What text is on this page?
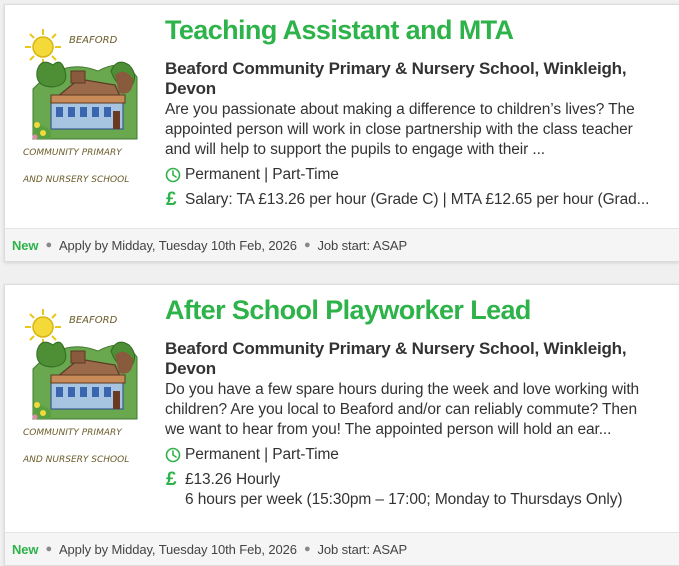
BEAFORD
COMMUNITY PRIMARY
AND NURSERY SCHOOL
Teaching Assistant and MTA
Beaford Community Primary & Nursery School, Winkleigh,
Devon
Are you passionate about making a difference to children’s lives? The
appointed person will work in close partnership with the class teacher
and will help to support the pupils to engage with their ...
Permanent | Part-Time
£ Salary: TA £13.26 per hour (Grade C) | MTA £12.65 per hour (Grad...
New ● Apply by Midday, Tuesday 10th Feb, 2026 ● Job start: ASAP
BEAFORD
COMMUNITY PRIMARY
AND NURSERY SCHOOL
After School Playworker Lead
Beaford Community Primary & Nursery School, Winkleigh,
Devon
Do you have a few spare hours during the week and love working with
children? Are you local to Beaford and/or can reliably commute? Then
we want to hear from you! The appointed person will hold an ear...
Permanent | Part-Time
£ £13.26 Hourly
6 hours per week (15:30pm – 17:00; Monday to Thursdays Only)
New ● Apply by Midday, Tuesday 10th Feb, 2026 ● Job start: ASAP
